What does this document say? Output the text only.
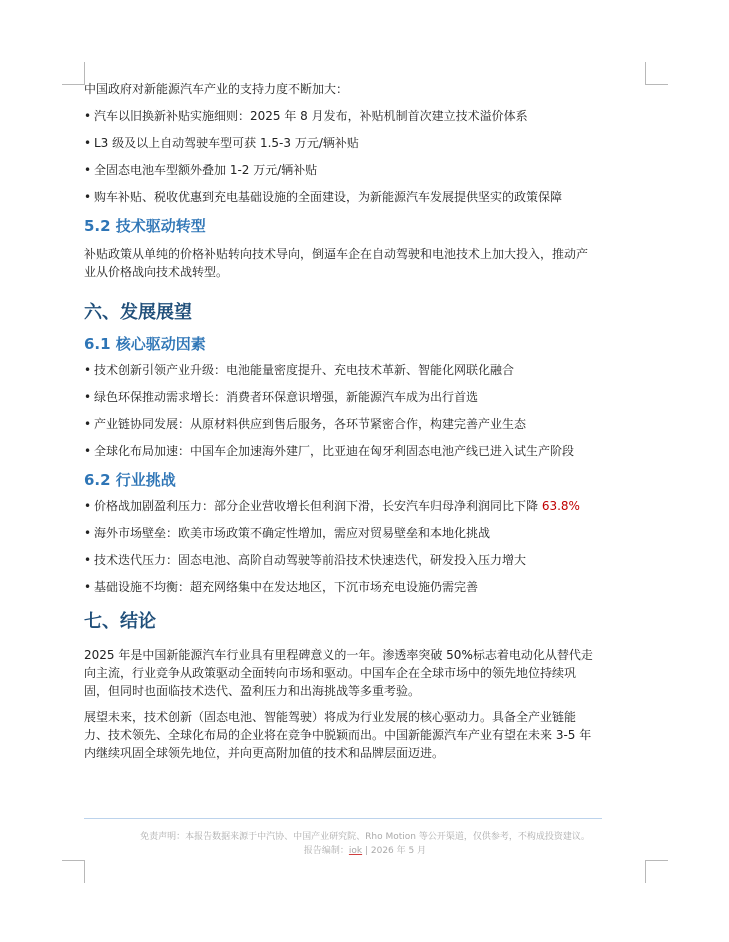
中国政府对新能源汽车产业的支持力度不断加大：

• 汽车以旧换新补贴实施细则：2025 年 8 月发布，补贴机制首次建立技术溢价体系
• L3 级及以上自动驾驶车型可获 1.5-3 万元/辆补贴
• 全固态电池车型额外叠加 1-2 万元/辆补贴
• 购车补贴、税收优惠到充电基础设施的全面建设，为新能源汽车发展提供坚实的政策保障
5.2 技术驱动转型

补贴政策从单纯的价格补贴转向技术导向，倒逼车企在自动驾驶和电池技术上加大投入，推动产
业从价格战向技术战转型。

六、发展展望
6.1 核心驱动因素
• 技术创新引领产业升级：电池能量密度提升、充电技术革新、智能化网联化融合
• 绿色环保推动需求增长：消费者环保意识增强，新能源汽车成为出行首选
• 产业链协同发展：从原材料供应到售后服务，各环节紧密合作，构建完善产业生态
• 全球化布局加速：中国车企加速海外建厂，比亚迪在匈牙利固态电池产线已进入试生产阶段
6.2 行业挑战
• 价格战加剧盈利压力：部分企业营收增长但利润下滑，长安汽车归母净利润同比下降 63.8%
• 海外市场壁垒：欧美市场政策不确定性增加，需应对贸易壁垒和本地化挑战
• 技术迭代压力：固态电池、高阶自动驾驶等前沿技术快速迭代，研发投入压力增大
• 基础设施不均衡：超充网络集中在发达地区，下沉市场充电设施仍需完善
七、结论

2025 年是中国新能源汽车行业具有里程碑意义的一年。渗透率突破 50%标志着电动化从替代走
向主流，行业竞争从政策驱动全面转向市场和驱动。中国车企在全球市场中的领先地位持续巩
固，但同时也面临技术迭代、盈利压力和出海挑战等多重考验。

展望未来，技术创新（固态电池、智能驾驶）将成为行业发展的核心驱动力。具备全产业链能
力、技术领先、全球化布局的企业将在竞争中脱颖而出。中国新能源汽车产业有望在未来 3-5 年
内继续巩固全球领先地位，并向更高附加值的技术和品牌层面迈进。

免责声明：本报告数据来源于中汽协、中国产业研究院、Rho Motion 等公开渠道，仅供参考，不构成投资建议。
报告编制：iok | 2026 年 5 月
